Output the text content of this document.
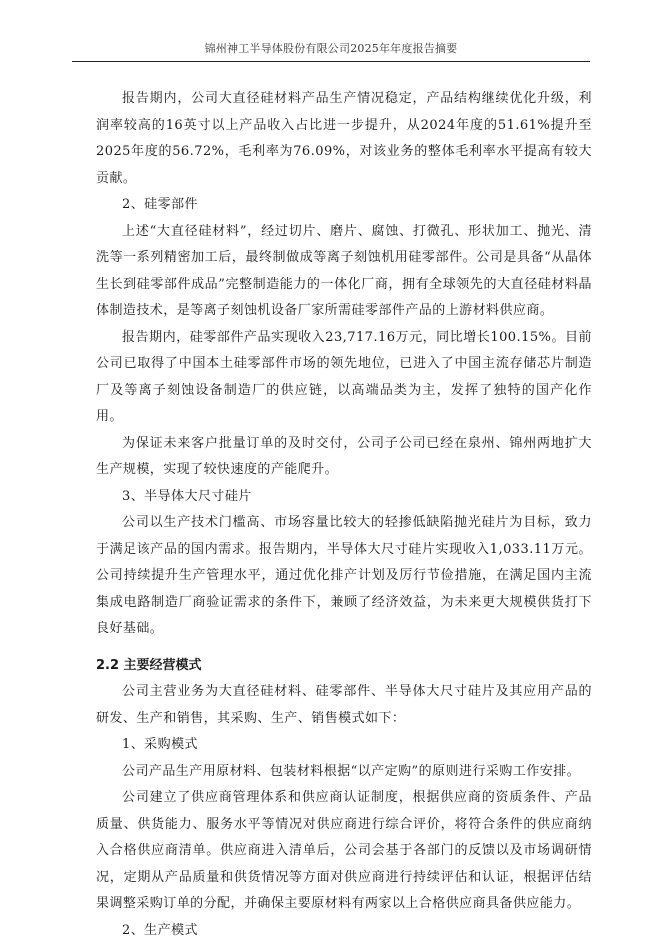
锦州神工半导体股份有限公司2025年年度报告摘要

报告期内，公司大直径硅材料产品生产情况稳定，产品结构继续优化升级，利润率较高的16英寸以上产品收入占比进一步提升，从2024年度的51.61%提升至2025年度的56.72%，毛利率为76.09%，对该业务的整体毛利率水平提高有较大贡献。

2、硅零部件

上述“大直径硅材料”，经过切片、磨片、腐蚀、打微孔、形状加工、抛光、清洗等一系列精密加工后，最终制做成等离子刻蚀机用硅零部件。公司是具备“从晶体生长到硅零部件成品”完整制造能力的一体化厂商，拥有全球领先的大直径硅材料晶体制造技术，是等离子刻蚀机设备厂家所需硅零部件产品的上游材料供应商。

报告期内，硅零部件产品实现收入23,717.16万元，同比增长100.15%。目前公司已取得了中国本土硅零部件市场的领先地位，已进入了中国主流存储芯片制造厂及等离子刻蚀设备制造厂的供应链，以高端品类为主，发挥了独特的国产化作用。

为保证未来客户批量订单的及时交付，公司子公司已经在泉州、锦州两地扩大生产规模，实现了较快速度的产能爬升。

3、半导体大尺寸硅片

公司以生产技术门槛高、市场容量比较大的轻掺低缺陷抛光硅片为目标，致力于满足该产品的国内需求。报告期内，半导体大尺寸硅片实现收入1,033.11万元。公司持续提升生产管理水平，通过优化排产计划及厉行节俭措施，在满足国内主流集成电路制造厂商验证需求的条件下，兼顾了经济效益，为未来更大规模供货打下良好基础。

2.2 主要经营模式

公司主营业务为大直径硅材料、硅零部件、半导体大尺寸硅片及其应用产品的研发、生产和销售，其采购、生产、销售模式如下：

1、采购模式

公司产品生产用原材料、包装材料根据“以产定购”的原则进行采购工作安排。

公司建立了供应商管理体系和供应商认证制度，根据供应商的资质条件、产品质量、供货能力、服务水平等情况对供应商进行综合评价，将符合条件的供应商纳入合格供应商清单。供应商进入清单后，公司会基于各部门的反馈以及市场调研情况，定期从产品质量和供货情况等方面对供应商进行持续评估和认证，根据评估结果调整采购订单的分配，并确保主要原材料有两家以上合格供应商具备供应能力。

2、生产模式
